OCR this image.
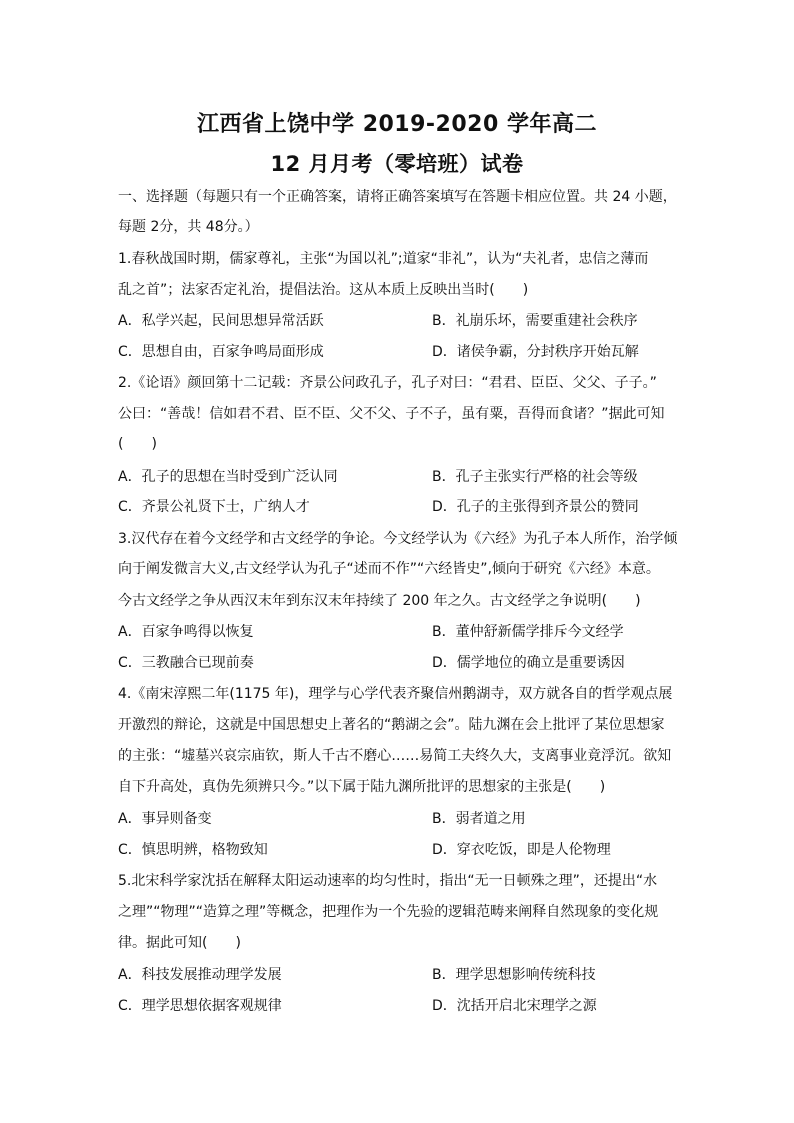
江西省上饶中学 2019-2020 学年高二
12 月月考（零培班）试卷
一、选择题（每题只有一个正确答案，请将正确答案填写在答题卡相应位置。共 24 小题，
每题 2分，共 48分。）
1.春秋战国时期，儒家尊礼，主张“为国以礼”;道家“非礼”，认为“夫礼者，忠信之薄而
乱之首”；法家否定礼治，提倡法治。这从本质上反映出当时(　　)
A．私学兴起，民间思想异常活跃	B．礼崩乐坏，需要重建社会秩序
C．思想自由，百家争鸣局面形成	D．诸侯争霸，分封秩序开始瓦解
2.《论语》颜回第十二记载：齐景公问政孔子，孔子对曰：“君君、臣臣、父父、子子。”
公曰：“善哉！信如君不君、臣不臣、父不父、子不子，虽有粟，吾得而食诸？”据此可知
(　　)
A．孔子的思想在当时受到广泛认同	B．孔子主张实行严格的社会等级
C．齐景公礼贤下士，广纳人才	D．孔子的主张得到齐景公的赞同
3.汉代存在着今文经学和古文经学的争论。今文经学认为《六经》为孔子本人所作，治学倾
向于阐发微言大义,古文经学认为孔子“述而不作”“六经皆史”,倾向于研究《六经》本意。
今古文经学之争从西汉末年到东汉末年持续了 200 年之久。古文经学之争说明(　　)
A．百家争鸣得以恢复	B．董仲舒新儒学排斥今文经学
C．三教融合已现前奏	D．儒学地位的确立是重要诱因
4.《南宋淳熙二年(1175 年)，理学与心学代表齐聚信州鹅湖寺，双方就各自的哲学观点展
开激烈的辩论，这就是中国思想史上著名的“鹅湖之会”。陆九渊在会上批评了某位思想家
的主张：“墟墓兴哀宗庙钦，斯人千古不磨心……易简工夫终久大，支离事业竟浮沉。欲知
自下升高处，真伪先须辨只今。”以下属于陆九渊所批评的思想家的主张是(　　)
A．事异则备变	B．弱者道之用
C．慎思明辨，格物致知	D．穿衣吃饭，即是人伦物理
5.北宋科学家沈括在解释太阳运动速率的均匀性时，指出“无一日顿殊之理”，还提出“水
之理”“物理”“造算之理”等概念，把理作为一个先验的逻辑范畴来阐释自然现象的变化规
律。据此可知(　　)
A．科技发展推动理学发展	B．理学思想影响传统科技
C．理学思想依据客观规律	D．沈括开启北宋理学之源
